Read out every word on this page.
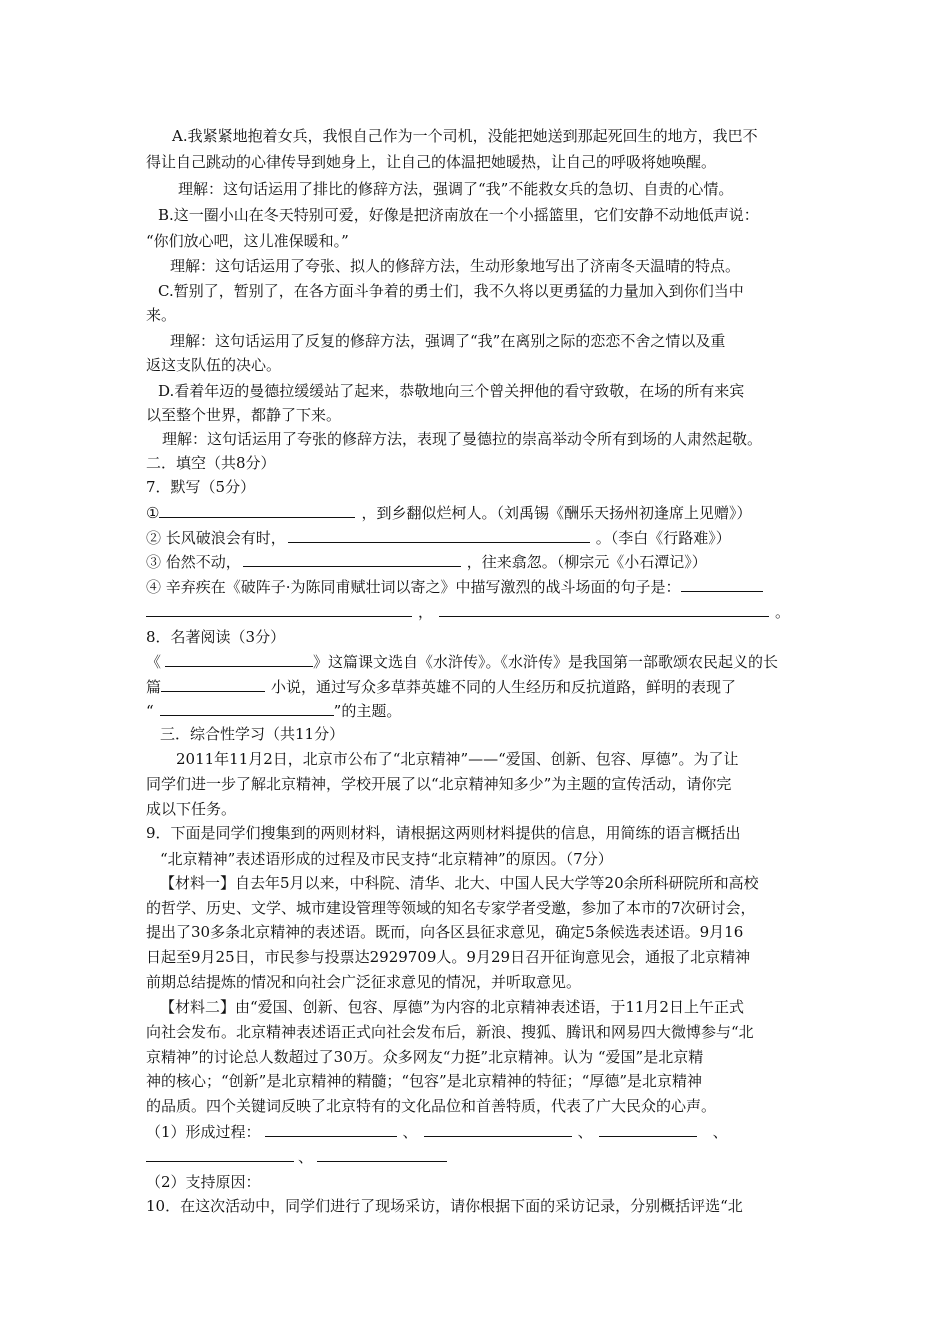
A.我紧紧地抱着女兵，我恨自己作为一个司机，没能把她送到那起死回生的地方，我巴不
得让自己跳动的心律传导到她身上，让自己的体温把她暖热，让自己的呼吸将她唤醒。
理解：这句话运用了排比的修辞方法，强调了“我”不能救女兵的急切、自责的心情。
B.这一圈小山在冬天特别可爱，好像是把济南放在一个小摇篮里，它们安静不动地低声说：
“你们放心吧，这儿准保暖和。”
理解：这句话运用了夸张、拟人的修辞方法，生动形象地写出了济南冬天温晴的特点。
C.暂别了，暂别了，在各方面斗争着的勇士们，我不久将以更勇猛的力量加入到你们当中
来。
理解：这句话运用了反复的修辞方法，强调了“我”在离别之际的恋恋不舍之情以及重
返这支队伍的决心。
D.看着年迈的曼德拉缓缓站了起来，恭敬地向三个曾关押他的看守致敬，在场的所有来宾
以至整个世界，都静了下来。
理解：这句话运用了夸张的修辞方法，表现了曼德拉的崇高举动令所有到场的人肃然起敬。
二．填空（共8分）
7．默写（5分）
①	，到乡翻似烂柯人。（刘禹锡《酬乐天扬州初逢席上见赠》）
② 长风破浪会有时，	。（李白《行路难》）
③ 佁然不动，	，往来翕忽。（柳宗元《小石潭记》）
④ 辛弃疾在《破阵子·为陈同甫赋壮词以寄之》中描写激烈的战斗场面的句子是：
，	。
8．名著阅读（3分）
《	》这篇课文选自《水浒传》。《水浒传》是我国第一部歌颂农民起义的长
篇	小说，通过写众多草莽英雄不同的人生经历和反抗道路，鲜明的表现了
“	”的主题。
三．综合性学习（共11分）
2011年11月2日，北京市公布了“北京精神”——“爱国、创新、包容、厚德”。为了让
同学们进一步了解北京精神，学校开展了以“北京精神知多少”为主题的宣传活动，请你完
成以下任务。
9．下面是同学们搜集到的两则材料，请根据这两则材料提供的信息，用简练的语言概括出
“北京精神”表述语形成的过程及市民支持“北京精神”的原因。（7分）
【材料一】自去年5月以来，中科院、清华、北大、中国人民大学等20余所科研院所和高校
的哲学、历史、文学、城市建设管理等领域的知名专家学者受邀，参加了本市的7次研讨会，
提出了30多条北京精神的表述语。既而，向各区县征求意见，确定5条候选表述语。9月16
日起至9月25日，市民参与投票达2929709人。9月29日召开征询意见会，通报了北京精神
前期总结提炼的情况和向社会广泛征求意见的情况，并听取意见。
【材料二】由“爱国、创新、包容、厚德”为内容的北京精神表述语，于11月2日上午正式
向社会发布。北京精神表述语正式向社会发布后，新浪、搜狐、腾讯和网易四大微博参与“北
京精神”的讨论总人数超过了30万。众多网友“力挺”北京精神。认为 “爱国”是北京精
神的核心；“创新”是北京精神的精髓；“包容”是北京精神的特征；“厚德”是北京精神
的品质。四个关键词反映了北京特有的文化品位和首善特质，代表了广大民众的心声。
（1）形成过程：	、	、	、
、
（2）支持原因：
10．在这次活动中，同学们进行了现场采访，请你根据下面的采访记录，分别概括评选“北
